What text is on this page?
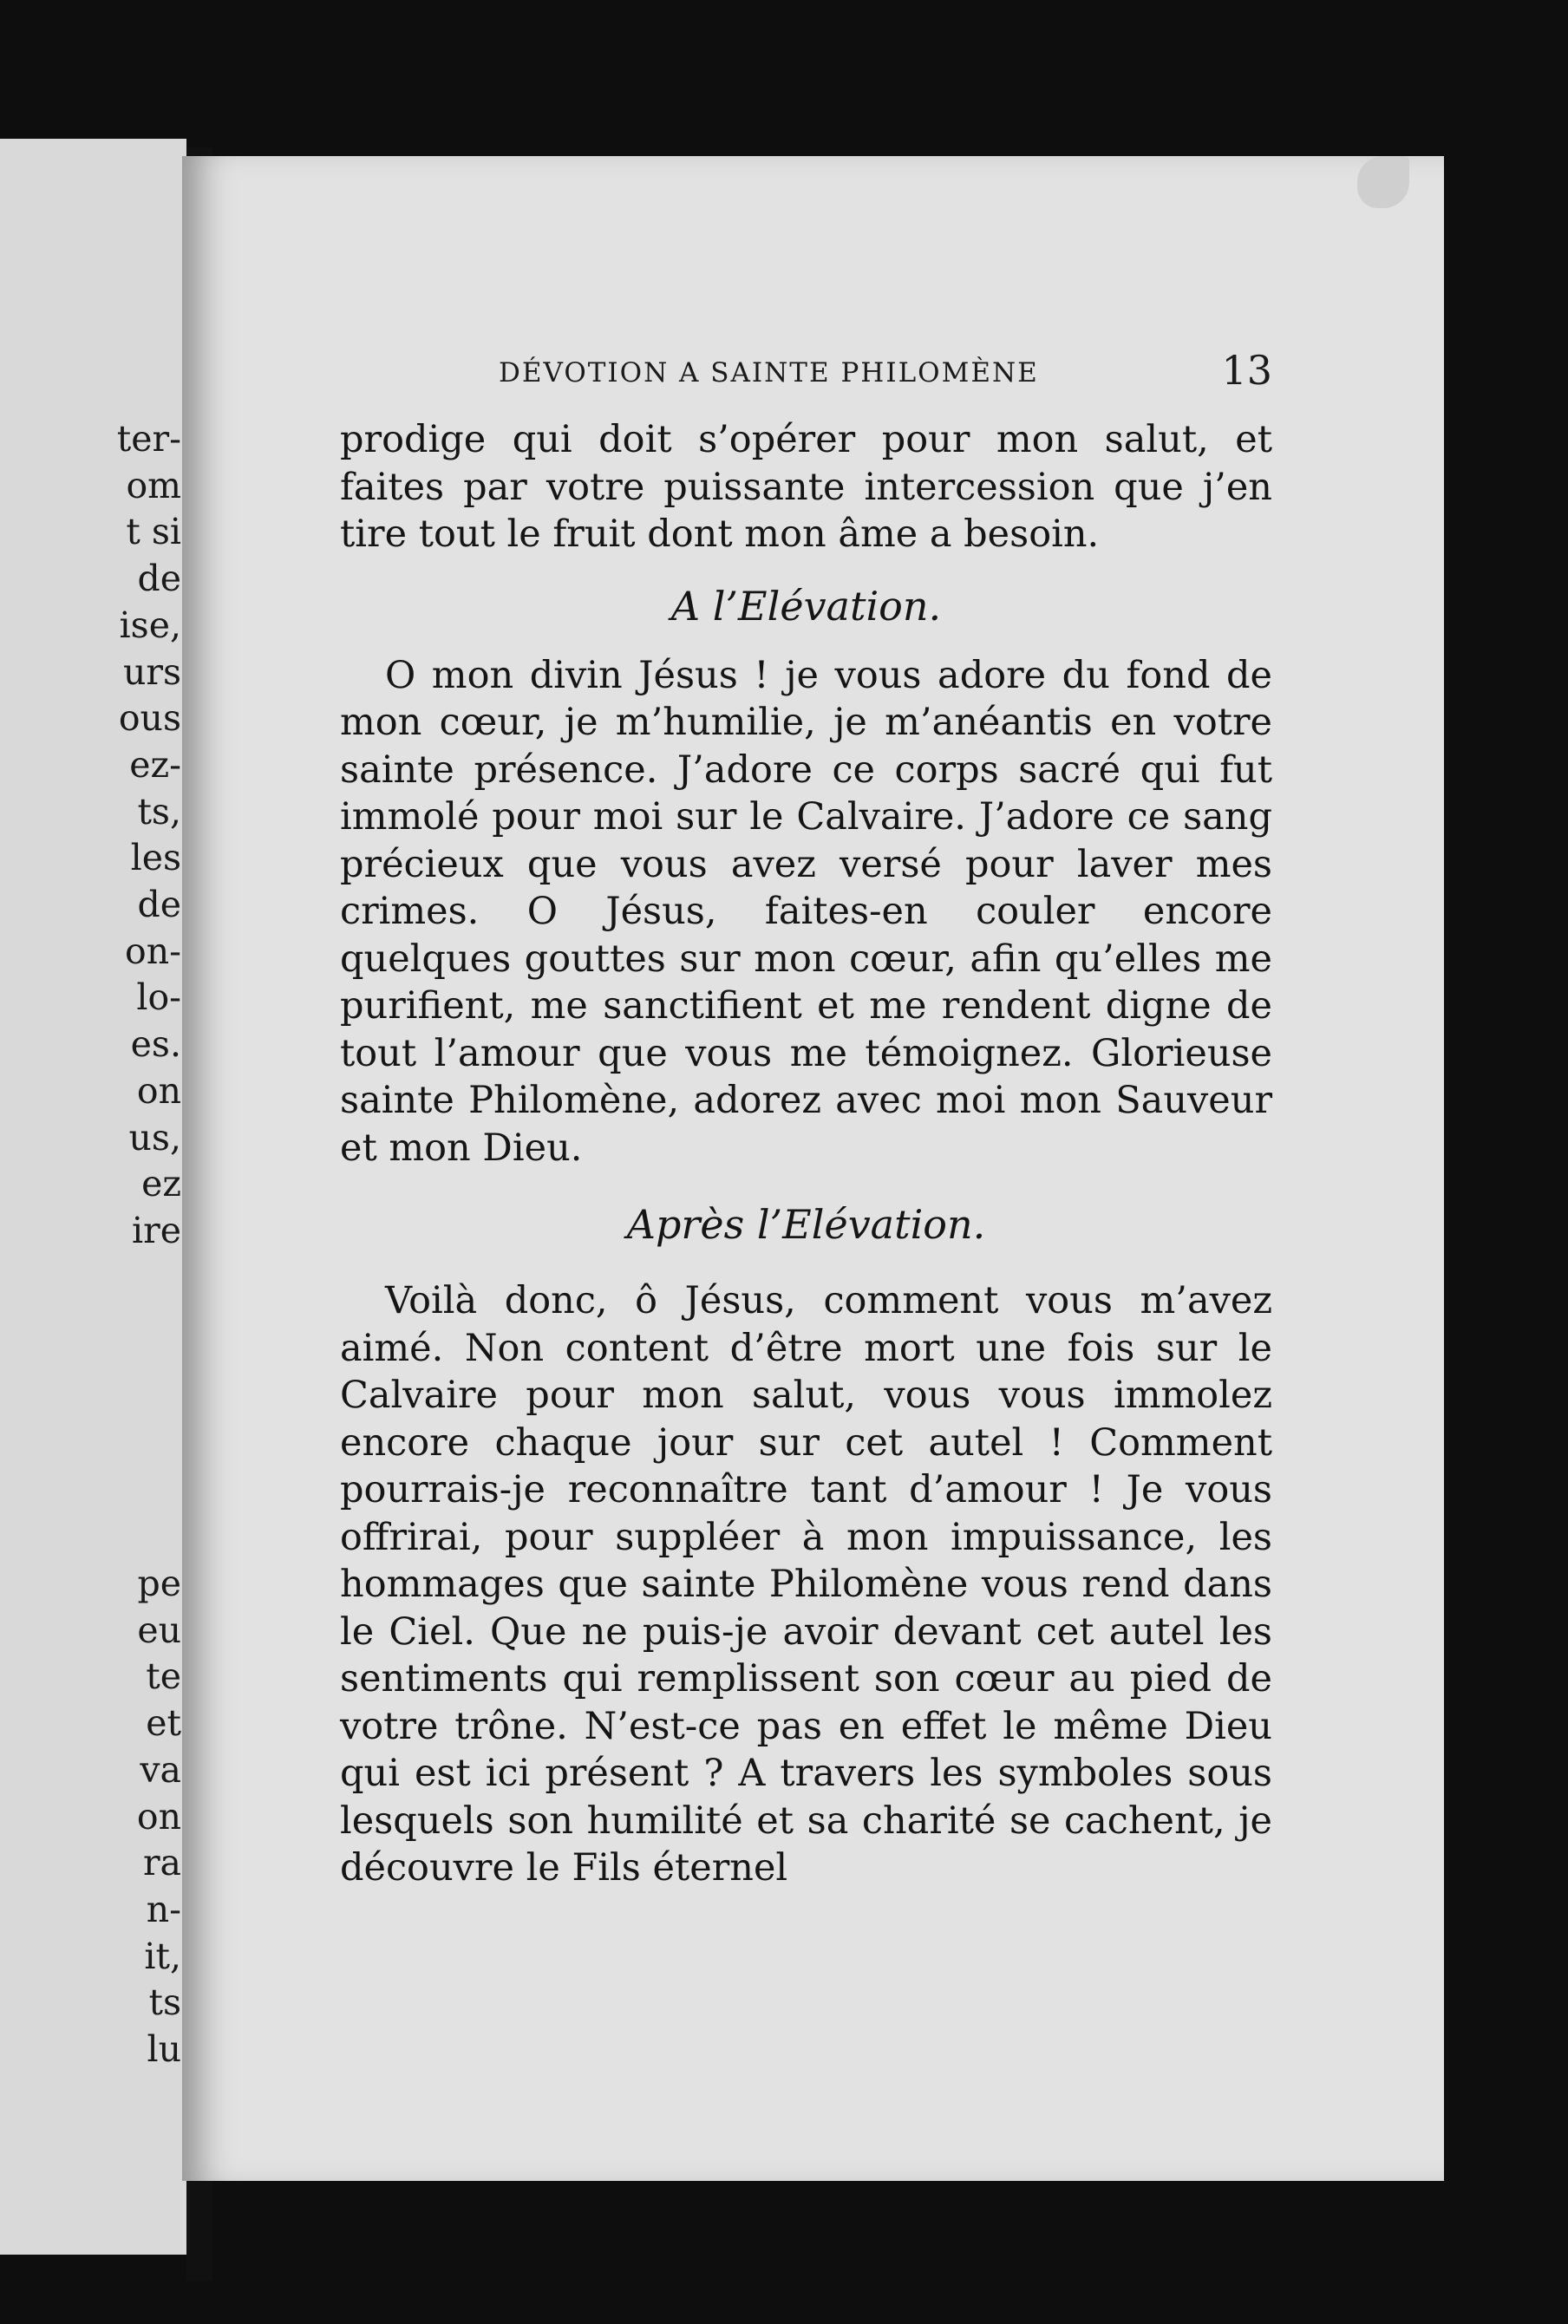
ter-
om
t si
de
ise,
urs
ous
ez-
ts,
les
de
on-
lo-
es.
on
us,
ez
ire
pe
eu
te
et
va
on
ra
n-
it,
ts
lu
DÉVOTION A SAINTE PHILOMÈNE	13

prodige qui doit s’opérer pour mon salut, et faites par votre puissante intercession que j’en tire tout le fruit dont mon âme a besoin.

A l’Elévation.

O mon divin Jésus ! je vous adore du fond de mon cœur, je m’humilie, je m’anéantis en votre sainte présence. J’adore ce corps sacré qui fut immolé pour moi sur le Calvaire. J’adore ce sang précieux que vous avez versé pour laver mes crimes. O Jésus, faites-en couler encore quelques gouttes sur mon cœur, afin qu’elles me purifient, me sanctifient et me rendent digne de tout l’amour que vous me témoignez. Glorieuse sainte Philomène, adorez avec moi mon Sauveur et mon Dieu.

Après l’Elévation.

Voilà donc, ô Jésus, comment vous m’avez aimé. Non content d’être mort une fois sur le Calvaire pour mon salut, vous vous immolez encore chaque jour sur cet autel ! Comment pourrais-je reconnaître tant d’amour ! Je vous offrirai, pour suppléer à mon impuissance, les hommages que sainte Philomène vous rend dans le Ciel. Que ne puis-je avoir devant cet autel les sentiments qui remplissent son cœur au pied de votre trône. N’est-ce pas en effet le même Dieu qui est ici présent ? A travers les symboles sous lesquels son humilité et sa charité se cachent, je découvre le Fils éternel
